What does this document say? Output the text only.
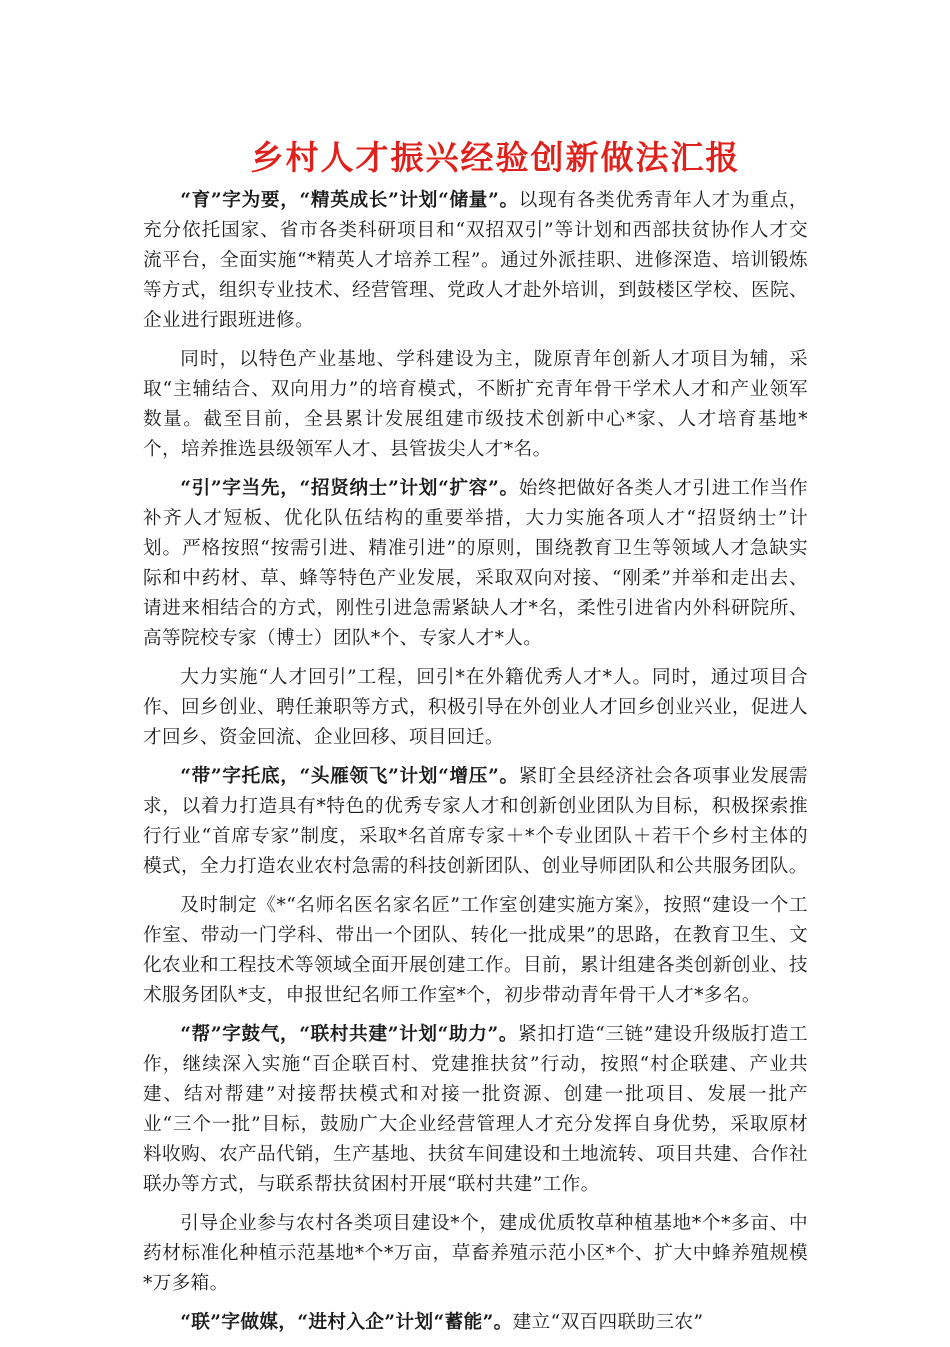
乡村人才振兴经验创新做法汇报

“育”字为要，“精英成长”计划“储量”。以现有各类优秀青年人才为重点，充分依托国家、省市各类科研项目和“双招双引”等计划和西部扶贫协作人才交流平台，全面实施“*精英人才培养工程”。通过外派挂职、进修深造、培训锻炼等方式，组织专业技术、经营管理、党政人才赴外培训，到鼓楼区学校、医院、企业进行跟班进修。

同时，以特色产业基地、学科建设为主，陇原青年创新人才项目为辅，采取“主辅结合、双向用力”的培育模式，不断扩充青年骨干学术人才和产业领军数量。截至目前，全县累计发展组建市级技术创新中心*家、人才培育基地*个，培养推选县级领军人才、县管拔尖人才*名。

“引”字当先，“招贤纳士”计划“扩容”。始终把做好各类人才引进工作当作补齐人才短板、优化队伍结构的重要举措，大力实施各项人才“招贤纳士”计划。严格按照“按需引进、精准引进”的原则，围绕教育卫生等领域人才急缺实际和中药材、草、蜂等特色产业发展，采取双向对接、“刚柔”并举和走出去、请进来相结合的方式，刚性引进急需紧缺人才*名，柔性引进省内外科研院所、高等院校专家（博士）团队*个、专家人才*人。

大力实施“人才回引”工程，回引*在外籍优秀人才*人。同时，通过项目合作、回乡创业、聘任兼职等方式，积极引导在外创业人才回乡创业兴业，促进人才回乡、资金回流、企业回移、项目回迁。

“带”字托底，“头雁领飞”计划“增压”。紧盯全县经济社会各项事业发展需求，以着力打造具有*特色的优秀专家人才和创新创业团队为目标，积极探索推行行业“首席专家”制度，采取*名首席专家＋*个专业团队＋若干个乡村主体的模式，全力打造农业农村急需的科技创新团队、创业导师团队和公共服务团队。

及时制定《*“名师名医名家名匠”工作室创建实施方案》，按照“建设一个工作室、带动一门学科、带出一个团队、转化一批成果”的思路，在教育卫生、文化农业和工程技术等领域全面开展创建工作。目前，累计组建各类创新创业、技术服务团队*支，申报世纪名师工作室*个，初步带动青年骨干人才*多名。

“帮”字鼓气，“联村共建”计划“助力”。紧扣打造“三链”建设升级版打造工作，继续深入实施“百企联百村、党建推扶贫”行动，按照“村企联建、产业共建、结对帮建”对接帮扶模式和对接一批资源、创建一批项目、发展一批产业“三个一批”目标，鼓励广大企业经营管理人才充分发挥自身优势，采取原材料收购、农产品代销，生产基地、扶贫车间建设和土地流转、项目共建、合作社联办等方式，与联系帮扶贫困村开展“联村共建”工作。

引导企业参与农村各类项目建设*个，建成优质牧草种植基地*个*多亩、中药材标准化种植示范基地*个*万亩，草畜养殖示范小区*个、扩大中蜂养殖规模*万多箱。

“联”字做媒，“进村入企”计划“蓄能”。建立“双百四联助三农”
